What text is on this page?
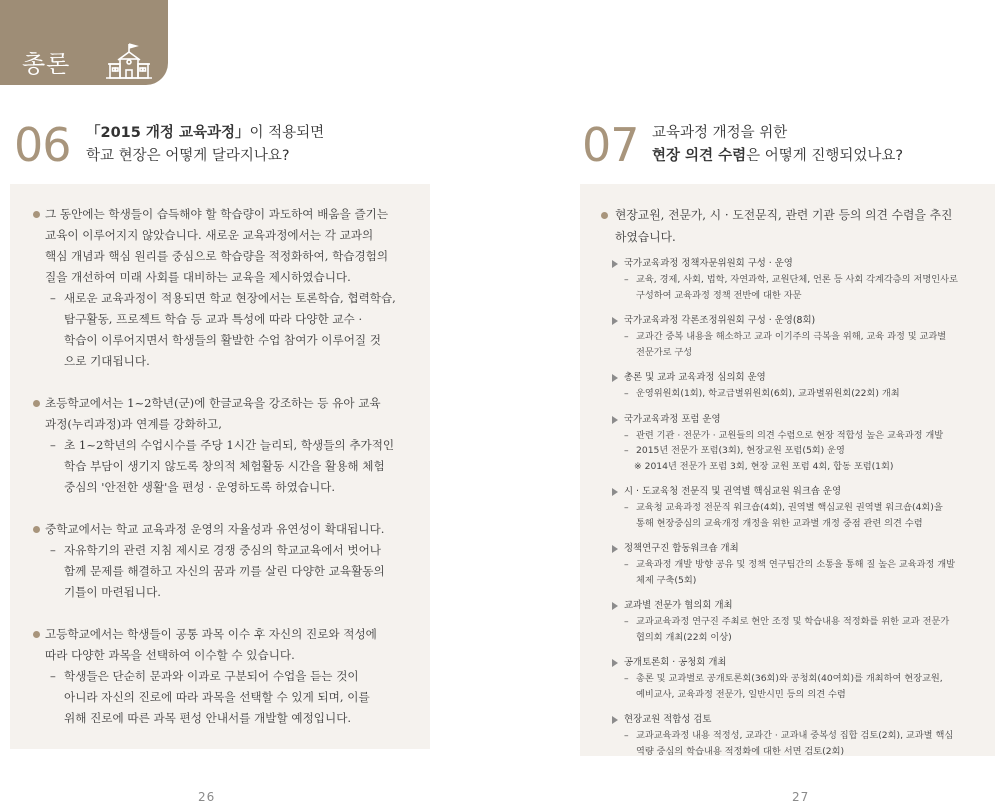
총론
06 「2015 개정 교육과정」이 적용되면
학교 현장은 어떻게 달라지나요?
그 동안에는 학생들이 습득해야 할 학습량이 과도하여 배움을 즐기는
교육이 이루어지지 않았습니다. 새로운 교육과정에서는 각 교과의
핵심 개념과 핵심 원리를 중심으로 학습량을 적정화하여, 학습경험의
질을 개선하여 미래 사회를 대비하는 교육을 제시하였습니다.
– 새로운 교육과정이 적용되면 학교 현장에서는 토론학습, 협력학습,
탐구활동, 프로젝트 학습 등 교과 특성에 따라 다양한 교수 ·
학습이 이루어지면서 학생들의 활발한 수업 참여가 이루어질 것
으로 기대됩니다.
초등학교에서는 1~2학년(군)에 한글교육을 강조하는 등 유아 교육
과정(누리과정)과 연계를 강화하고,
– 초 1~2학년의 수업시수를 주당 1시간 늘리되, 학생들의 추가적인
학습 부담이 생기지 않도록 창의적 체험활동 시간을 활용해 체험
중심의 '안전한 생활'을 편성 · 운영하도록 하였습니다.
중학교에서는 학교 교육과정 운영의 자율성과 유연성이 확대됩니다.
– 자유학기의 관련 지침 제시로 경쟁 중심의 학교교육에서 벗어나
함께 문제를 해결하고 자신의 꿈과 끼를 살린 다양한 교육활동의
기틀이 마련됩니다.
고등학교에서는 학생들이 공통 과목 이수 후 자신의 진로와 적성에
따라 다양한 과목을 선택하여 이수할 수 있습니다.
– 학생들은 단순히 문과와 이과로 구분되어 수업을 듣는 것이
아니라 자신의 진로에 따라 과목을 선택할 수 있게 되며, 이를
위해 진로에 따른 과목 편성 안내서를 개발할 예정입니다.
26
07 교육과정 개정을 위한
현장 의견 수렴은 어떻게 진행되었나요?
현장교원, 전문가, 시 · 도전문직, 관련 기관 등의 의견 수렴을 추진
하였습니다.
국가교육과정 정책자문위원회 구성 · 운영
– 교육, 경제, 사회, 법학, 자연과학, 교원단체, 언론 등 사회 각계각층의 저명인사로
구성하여 교육과정 정책 전반에 대한 자문
국가교육과정 각론조정위원회 구성 · 운영(8회)
– 교과간 중복 내용을 해소하고 교과 이기주의 극복을 위해, 교육 과정 및 교과별
전문가로 구성
총론 및 교과 교육과정 심의회 운영
– 운영위원회(1회), 학교급별위원회(6회), 교과별위원회(22회) 개최
국가교육과정 포럼 운영
– 관련 기관 · 전문가 · 교원들의 의견 수렴으로 현장 적합성 높은 교육과정 개발
– 2015년 전문가 포럼(3회), 현장교원 포럼(5회) 운영
※ 2014년 전문가 포럼 3회, 현장 교원 포럼 4회, 합동 포럼(1회)
시 · 도교육청 전문직 및 권역별 핵심교원 워크숍 운영
– 교육청 교육과정 전문직 워크숍(4회), 권역별 핵심교원 권역별 워크숍(4회)을
통해 현장중심의 교육개정 개정을 위한 교과별 개정 중점 관련 의견 수렴
정책연구진 합동워크숍 개최
– 교육과정 개발 방향 공유 및 정책 연구팀간의 소통을 통해 질 높은 교육과정 개발
체제 구축(5회)
교과별 전문가 협의회 개최
– 교과교육과정 연구진 주최로 현안 조정 및 학습내용 적정화를 위한 교과 전문가
협의회 개최(22회 이상)
공개토론회 · 공청회 개최
– 총론 및 교과별로 공개토론회(36회)와 공청회(40여회)를 개최하여 현장교원,
예비교사, 교육과정 전문가, 일반시민 등의 의견 수렴
현장교원 적합성 검토
– 교과교육과정 내용 적정성, 교과간 · 교과내 중복성 집합 검토(2회), 교과별 핵심
역량 중심의 학습내용 적정화에 대한 서면 검토(2회)
27
